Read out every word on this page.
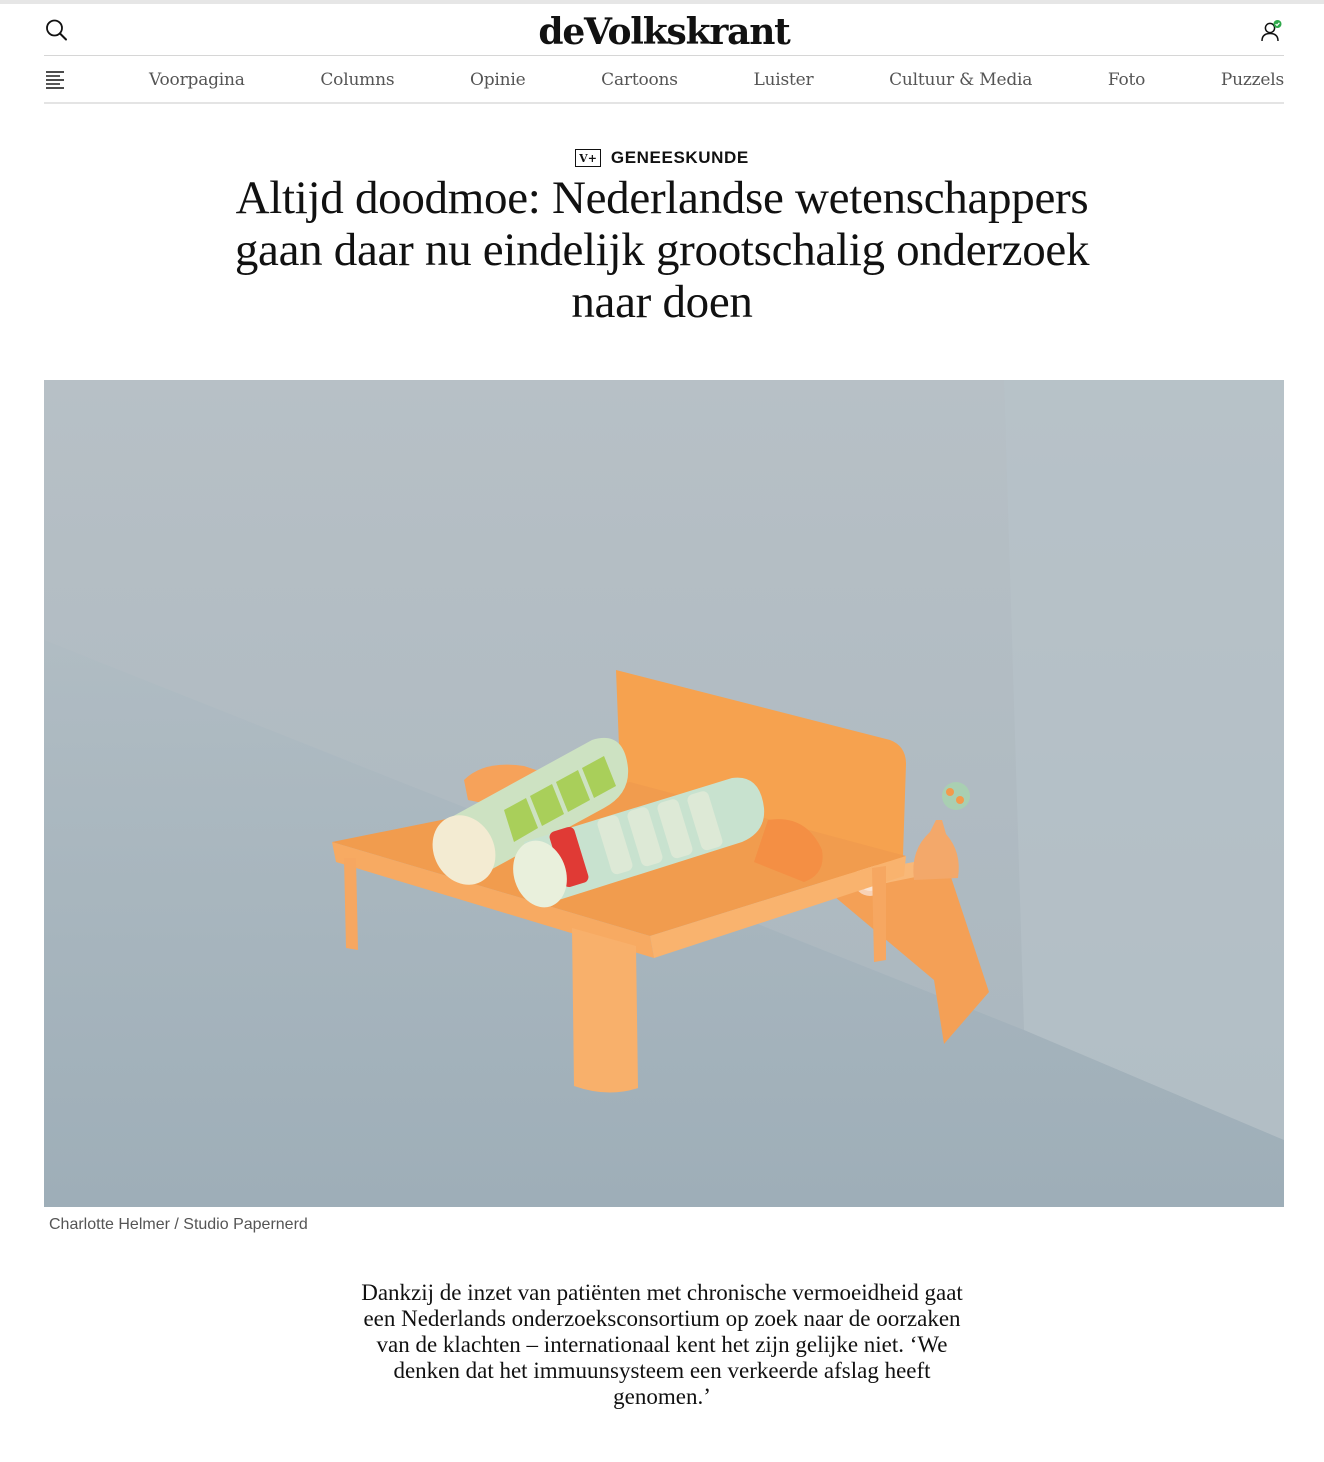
deVolkskrant
Voorpagina	Columns	Opinie	Cartoons	Luister	Cultuur & Media	Foto	Puzzels
V+ GENEESKUNDE
Altijd doodmoe: Nederlandse wetenschappers gaan daar nu eindelijk grootschalig onderzoek naar doen
Charlotte Helmer / Studio Papernerd

Dankzij de inzet van patiënten met chronische vermoeidheid gaat een Nederlands onderzoeksconsortium op zoek naar de oorzaken van de klachten – internationaal kent het zijn gelijke niet. ‘We denken dat het immuunsysteem een verkeerde afslag heeft genomen.’
